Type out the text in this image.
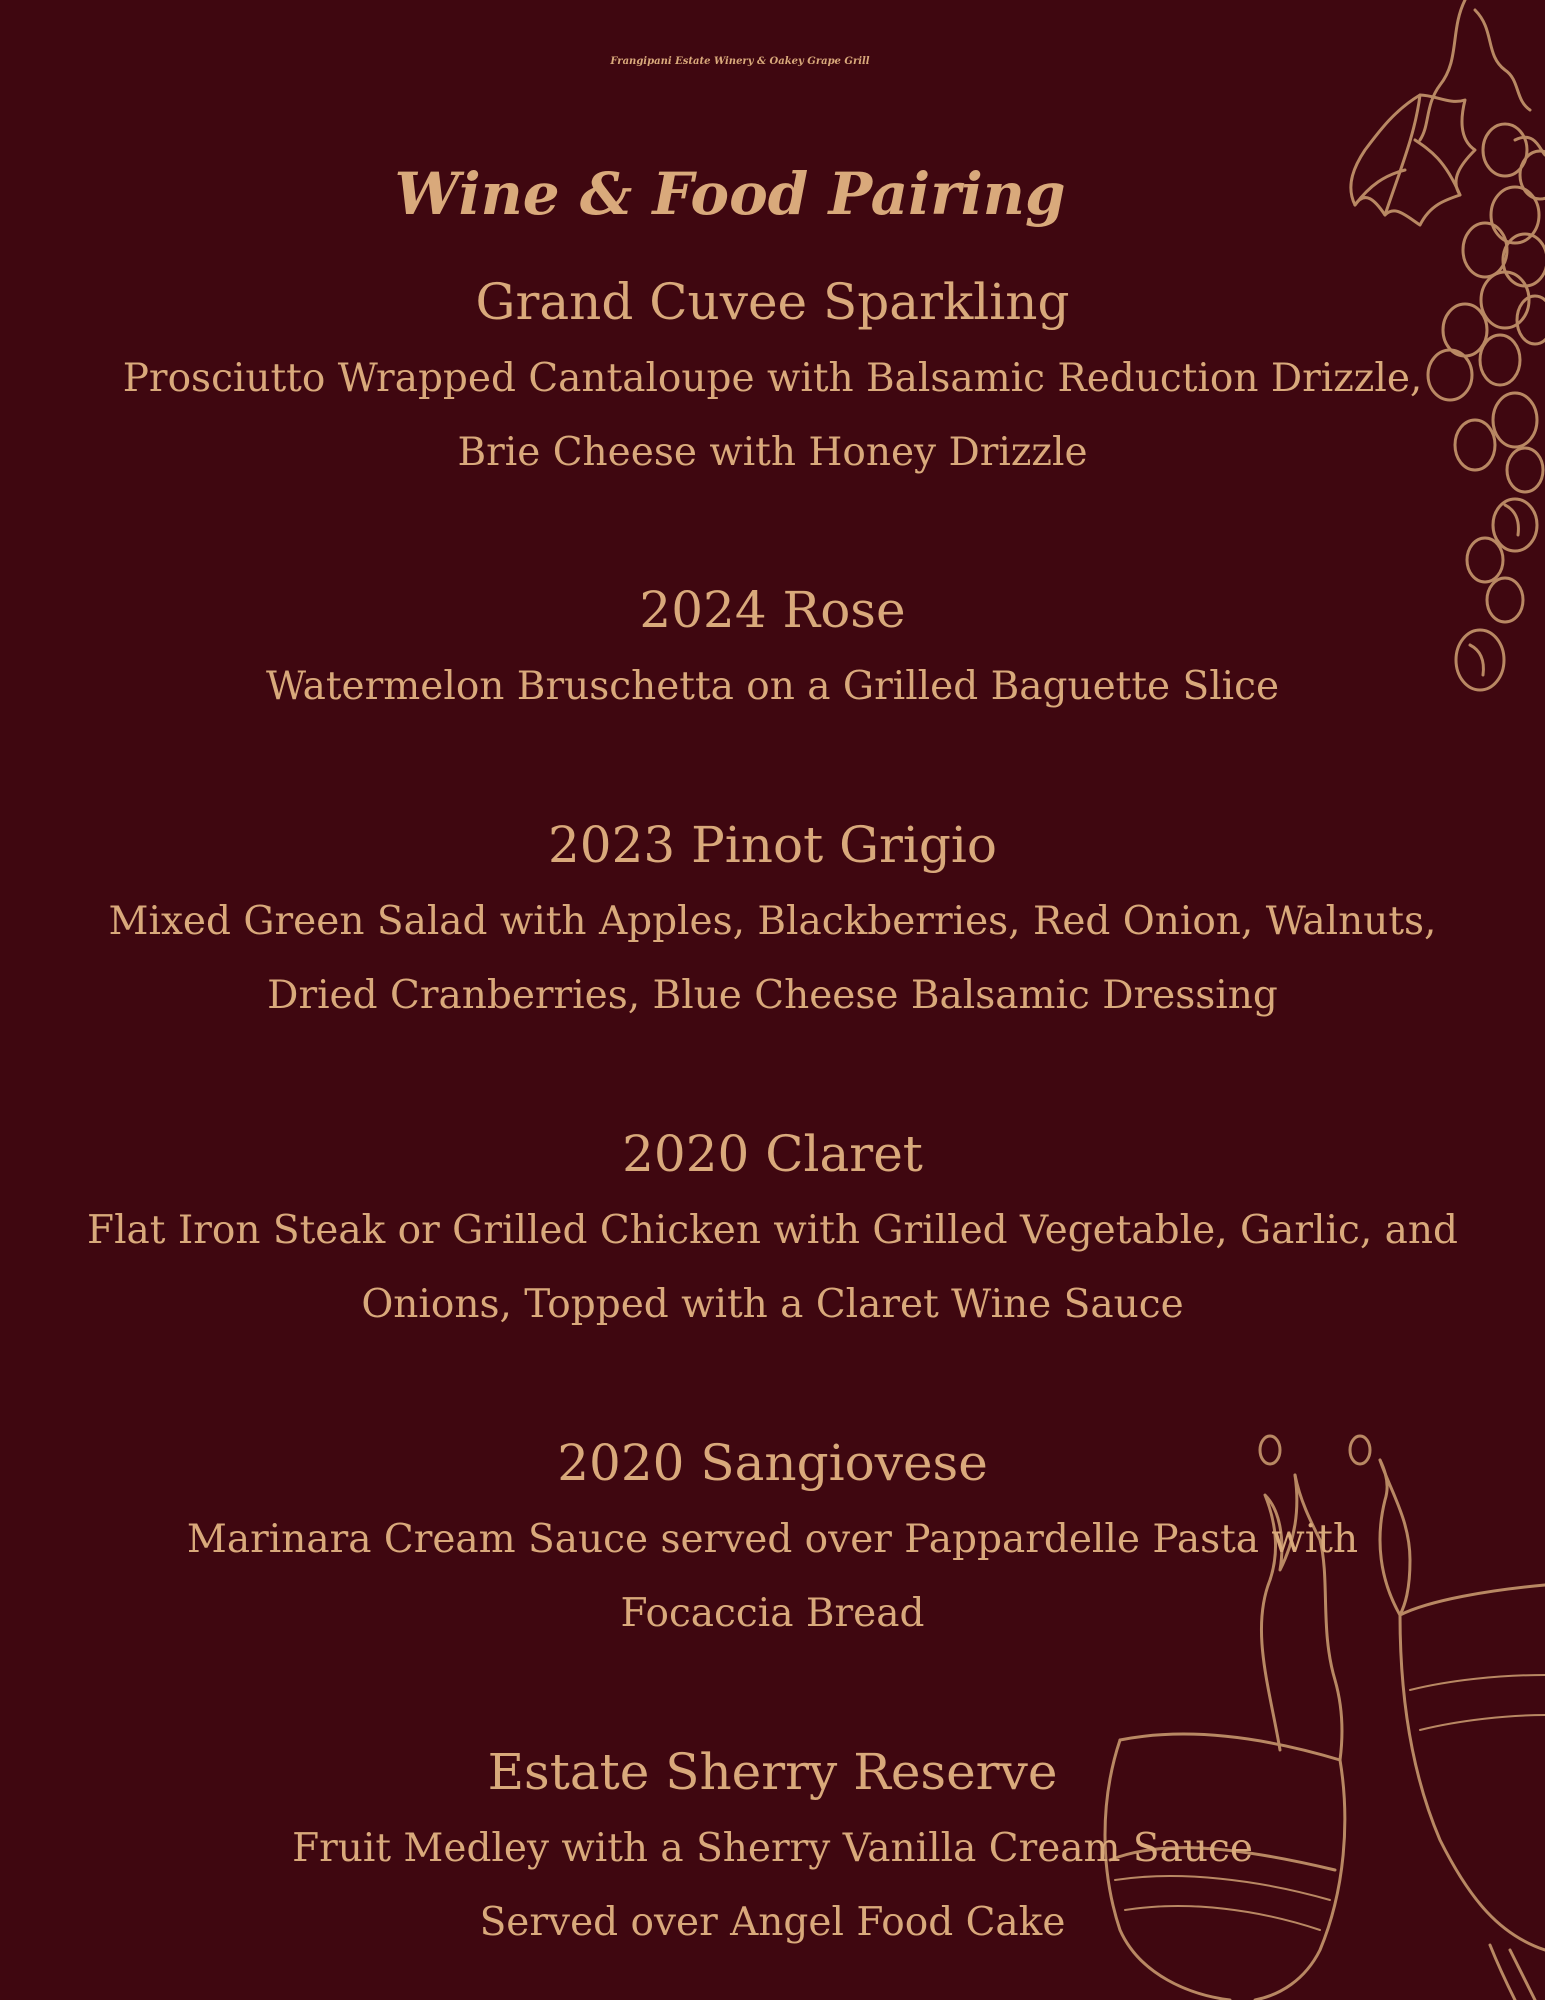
Frangipani Estate Winery & Oakey Grape Grill
Wine & Food Pairing
Grand Cuvee Sparkling
Prosciutto Wrapped Cantaloupe with Balsamic Reduction Drizzle,
Brie Cheese with Honey Drizzle
2024 Rose
Watermelon Bruschetta on a Grilled Baguette Slice
2023 Pinot Grigio
Mixed Green Salad with Apples, Blackberries, Red Onion, Walnuts,
Dried Cranberries, Blue Cheese Balsamic Dressing
2020 Claret
Flat Iron Steak or Grilled Chicken with Grilled Vegetable, Garlic, and
Onions, Topped with a Claret Wine Sauce
2020 Sangiovese
Marinara Cream Sauce served over Pappardelle Pasta with
Focaccia Bread
Estate Sherry Reserve
Fruit Medley with a Sherry Vanilla Cream Sauce
Served over Angel Food Cake
